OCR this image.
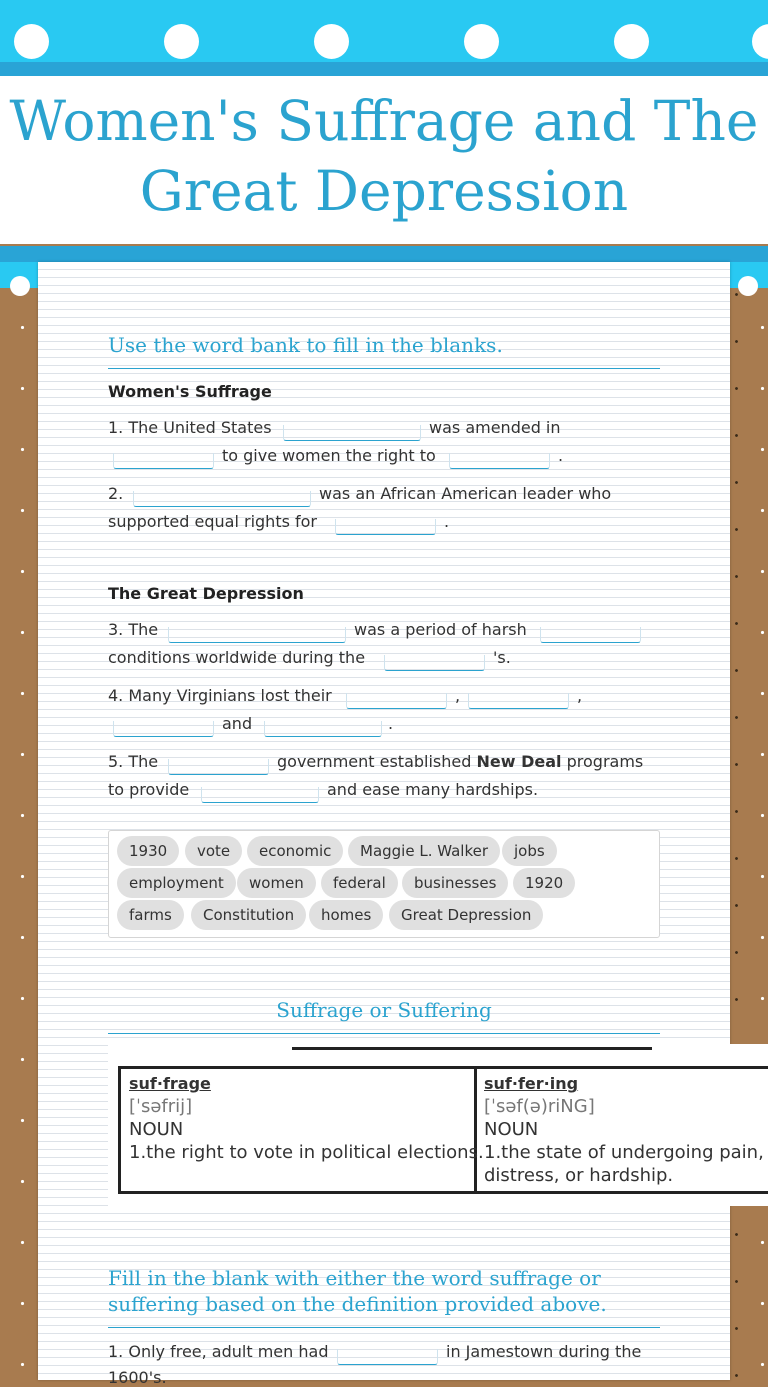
Women's Suffrage and The
Great Depression
Use the word bank to fill in the blanks.
Women's Suffrage
1. The United States	was amended in
to give women the right to	.
2.	was an African American leader who
supported equal rights for	.
The Great Depression
3. The	was a period of harsh
conditions worldwide during the	's.
4. Many Virginians lost their	,	,
and	.
5. The	government established New Deal programs
to provide	and ease many hardships.
1930	vote	economic	Maggie L. Walker	jobs
employment	women	federal	businesses	1920
farms	Constitution	homes	Great Depression
Suffrage or Suffering
suf·frage
[ˈsəfrij]
NOUN
1.the right to vote in political elections.
suf·fer·ing
[ˈsəf(ə)riNG]
NOUN
1.the state of undergoing pain,
distress, or hardship.
Fill in the blank with either the word suffrage or
suffering based on the definition provided above.
1. Only free, adult men had	in Jamestown during the
1600's.
